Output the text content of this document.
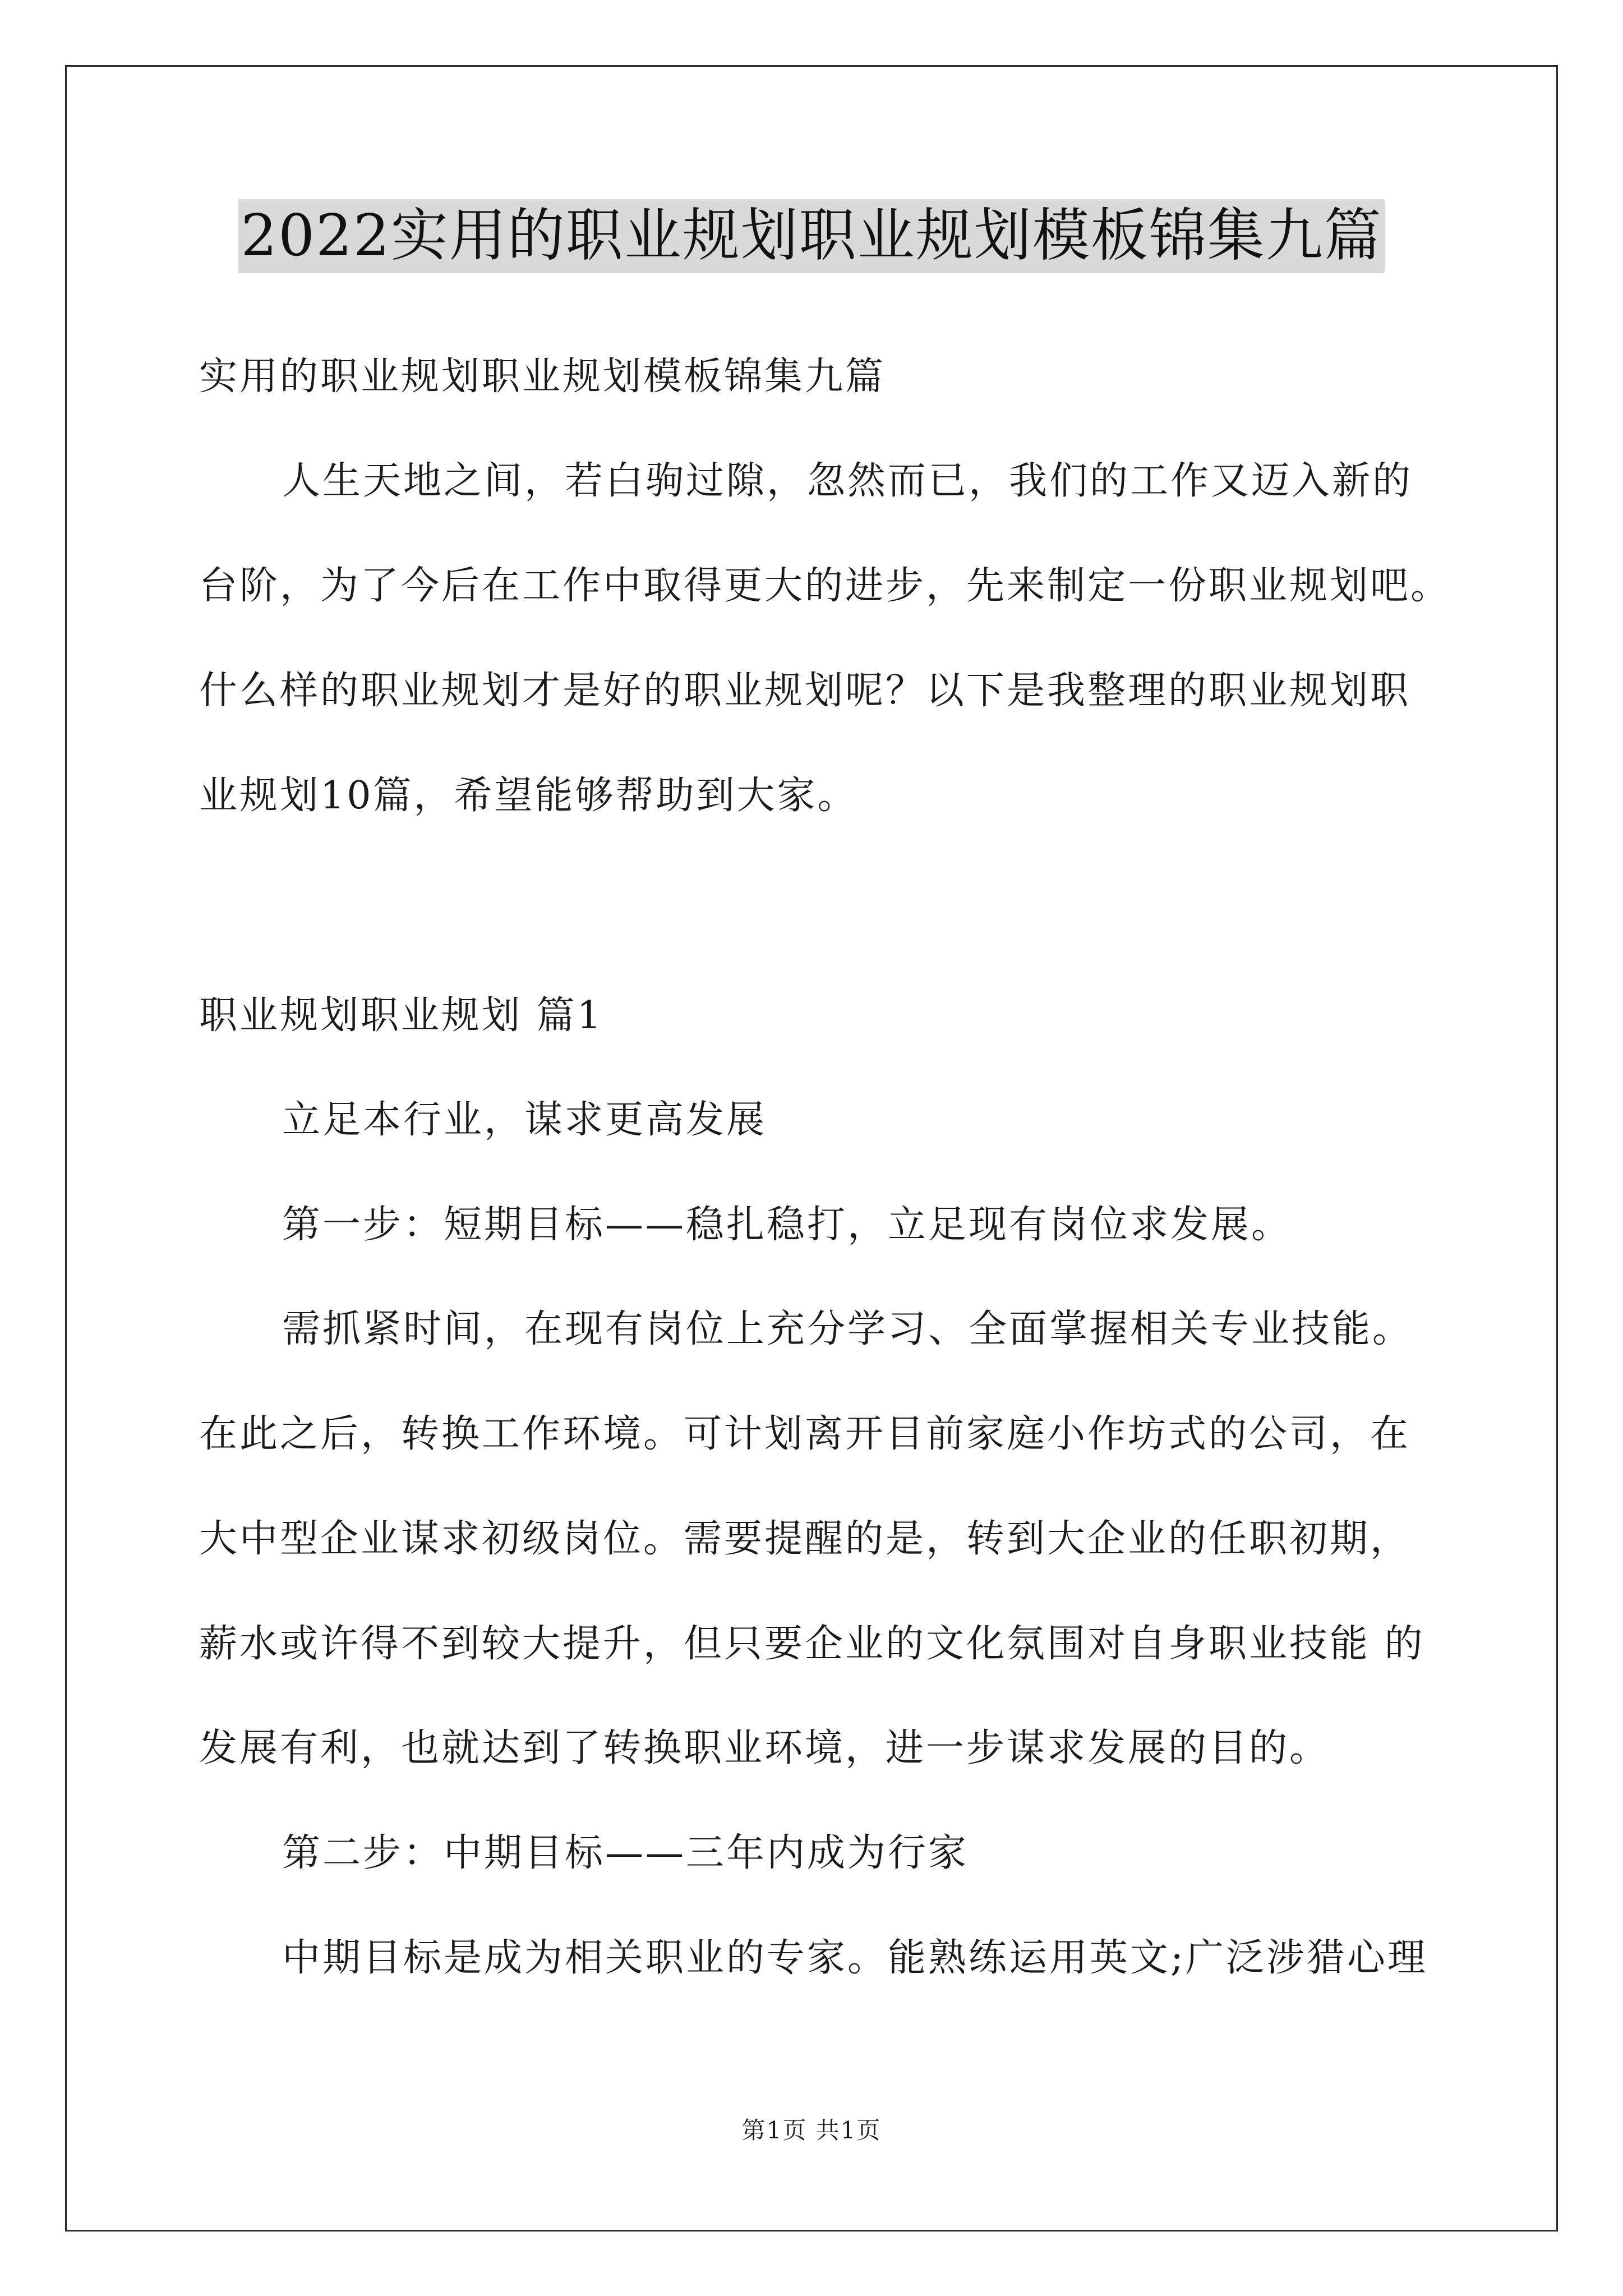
2022实用的职业规划职业规划模板锦集九篇
实用的职业规划职业规划模板锦集九篇
人生天地之间，若白驹过隙，忽然而已，我们的工作又迈入新的
台阶，为了今后在工作中取得更大的进步，先来制定一份职业规划吧。
什么样的职业规划才是好的职业规划呢？以下是我整理的职业规划职
业规划10篇，希望能够帮助到大家。
职业规划职业规划 篇1
立足本行业，谋求更高发展
第一步：短期目标——稳扎稳打，立足现有岗位求发展。
需抓紧时间，在现有岗位上充分学习、全面掌握相关专业技能。
在此之后，转换工作环境。可计划离开目前家庭小作坊式的公司，在
大中型企业谋求初级岗位。需要提醒的是，转到大企业的任职初期，
薪水或许得不到较大提升，但只要企业的文化氛围对自身职业技能 的
发展有利，也就达到了转换职业环境，进一步谋求发展的目的。
第二步：中期目标——三年内成为行家
中期目标是成为相关职业的专家。能熟练运用英文;广泛涉猎心理
第1页 共1页
